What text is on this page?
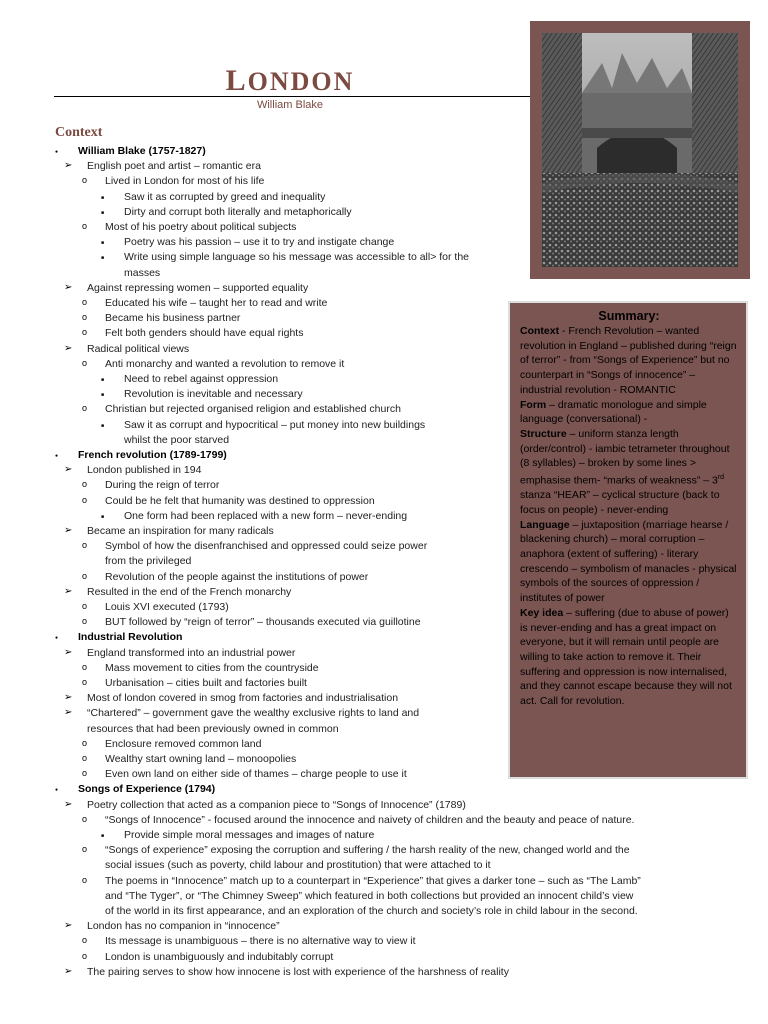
LONDON
William Blake
Context
● William Blake (1757-1827)
➢ English poet and artist – romantic era
o Lived in London for most of his life
■ Saw it as corrupted by greed and inequality
■ Dirty and corrupt both literally and metaphorically
o Most of his poetry about political subjects
■ Poetry was his passion – use it to try and instigate change
■ Write using simple language so his message was accessible to all> for the
masses
➢ Against repressing women – supported equality
o Educated his wife – taught her to read and write
o Became his business partner
o Felt both genders should have equal rights
➢ Radical political views
o Anti monarchy and wanted a revolution to remove it
■ Need to rebel against oppression
■ Revolution is inevitable and necessary
o Christian but rejected organised religion and established church
■ Saw it as corrupt and hypocritical – put money into new buildings
whilst the poor starved
● French revolution (1789-1799)
➢ London published in 194
o During the reign of terror
o Could be he felt that humanity was destined to oppression
■ One form had been replaced with a new form – never-ending
➢ Became an inspiration for many radicals
o Symbol of how the disenfranchised and oppressed could seize power
from the privileged
o Revolution of the people against the institutions of power
➢ Resulted in the end of the French monarchy
o Louis XVI executed (1793)
o BUT followed by “reign of terror” – thousands executed via guillotine
● Industrial Revolution
➢ England transformed into an industrial power
o Mass movement to cities from the countryside
o Urbanisation – cities built and factories built
➢ Most of london covered in smog from factories and industrialisation
➢ “Chartered” – government gave the wealthy exclusive rights to land and
resources that had been previously owned in common
o Enclosure removed common land
o Wealthy start owning land – monoopolies
o Even own land on either side of thames – charge people to use it
● Songs of Experience (1794)
➢ Poetry collection that acted as a companion piece to “Songs of Innocence” (1789)
o “Songs of Innocence” - focused around the innocence and naivety of children and the beauty and peace of nature.
■ Provide simple moral messages and images of nature
o “Songs of experience” exposing the corruption and suffering / the harsh reality of the new, changed world and the
social issues (such as poverty, child labour and prostitution) that were attached to it
o The poems in “Innocence” match up to a counterpart in “Experience” that gives a darker tone – such as “The Lamb”
and “The Tyger”, or “The Chimney Sweep” which featured in both collections but provided an innocent child’s view
of the world in its first appearance, and an exploration of the church and society’s role in child labour in the second.
➢ London has no companion in “innocence”
o Its message is unambiguous – there is no alternative way to view it
o London is unambiguously and indubitably corrupt
➢ The pairing serves to show how innocene is lost with experience of the harshness of reality
Summary:

Context - French Revolution – wanted revolution in England – published during “reign of terror” - from “Songs of Experience” but no counterpart in “Songs of innocence” – industrial revolution - ROMANTIC
Form – dramatic monologue and simple language (conversational) -
Structure – uniform stanza length (order/control) - iambic tetrameter throughout (8 syllables) – broken by some lines > emphasise them- “marks of weakness” – 3rd stanza “HEAR” – cyclical structure (back to focus on people) - never-ending
Language – juxtaposition (marriage hearse / blackening church) – moral corruption – anaphora (extent of suffering) - literary crescendo – symbolism of manacles - physical symbols of the sources of oppression / institutes of power
Key idea – suffering (due to abuse of power) is never-ending and has a great impact on everyone, but it will remain until people are willing to take action to remove it. Their suffering and oppression is now internalised, and they cannot escape because they will not act. Call for revolution.
